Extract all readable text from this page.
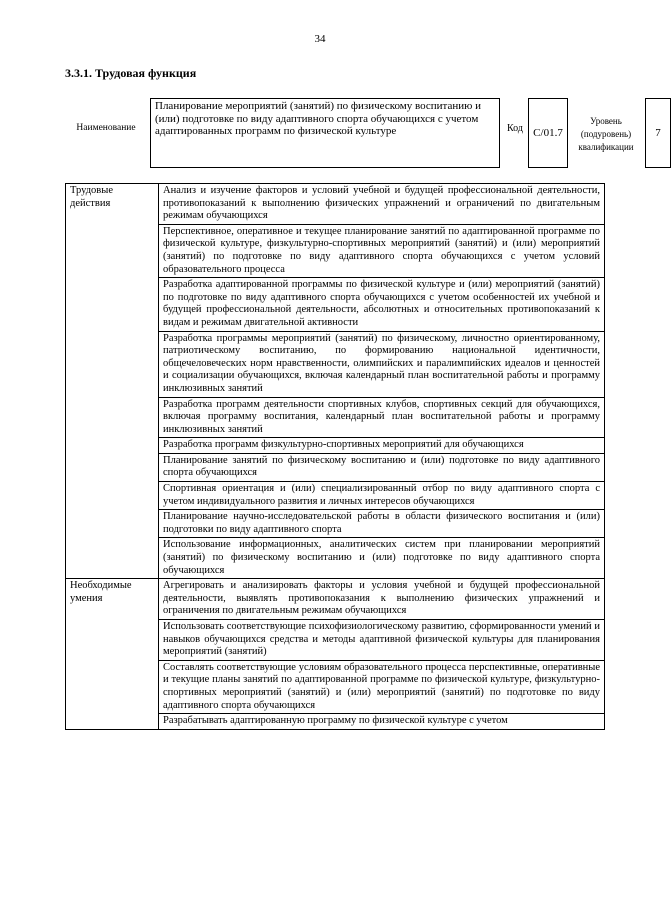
34
3.3.1. Трудовая функция
Наименование
Планирование мероприятий (занятий) по физическому воспитанию и (или) подготовке по виду адаптивного спорта обучающихся с учетом адаптированных программ по физической культуре	Код C/01.7
Уровень (подуровень) квалификации
7
Трудовые действия	Анализ и изучение факторов и условий учебной и будущей профессиональной деятельности, противопоказаний к выполнению физических упражнений и ограничений по двигательным режимам обучающихся
	Перспективное, оперативное и текущее планирование занятий по адаптированной программе по физической культуре, физкультурно-спортивных мероприятий (занятий) и (или) мероприятий (занятий) по подготовке по виду адаптивного спорта обучающихся с учетом условий образовательного процесса
	Разработка адаптированной программы по физической культуре и (или) мероприятий (занятий) по подготовке по виду адаптивного спорта обучающихся с учетом особенностей их учебной и будущей профессиональной деятельности, абсолютных и относительных противопоказаний к видам и режимам двигательной активности
	Разработка программы мероприятий (занятий) по физическому, личностно ориентированному, патриотическому воспитанию, по формированию национальной идентичности, общечеловеческих норм нравственности, олимпийских и паралимпийских идеалов и ценностей и социализации обучающихся, включая календарный план воспитательной работы и программу инклюзивных занятий
	Разработка программ деятельности спортивных клубов, спортивных секций для обучающихся, включая программу воспитания, календарный план воспитательной работы и программу инклюзивных занятий
	Разработка программ физкультурно-спортивных мероприятий для обучающихся
	Планирование занятий по физическому воспитанию и (или) подготовке по виду адаптивного спорта обучающихся
	Спортивная ориентация и (или) специализированный отбор по виду адаптивного спорта с учетом индивидуального развития и личных интересов обучающихся
	Планирование научно-исследовательской работы в области физического воспитания и (или) подготовки по виду адаптивного спорта
	Использование информационных, аналитических систем при планировании мероприятий (занятий) по физическому воспитанию и (или) подготовке по виду адаптивного спорта обучающихся
Необходимые умения	Агрегировать и анализировать факторы и условия учебной и будущей профессиональной деятельности, выявлять противопоказания к выполнению физических упражнений и ограничения по двигательным режимам обучающихся
	Использовать соответствующие психофизиологическому развитию, сформированности умений и навыков обучающихся средства и методы адаптивной физической культуры для планирования мероприятий (занятий)
	Составлять соответствующие условиям образовательного процесса перспективные, оперативные и текущие планы занятий по адаптированной программе по физической культуре, физкультурно-спортивных мероприятий (занятий) и (или) мероприятий (занятий) по подготовке по виду адаптивного спорта обучающихся
	Разрабатывать адаптированную программу по физической культуре с учетом
